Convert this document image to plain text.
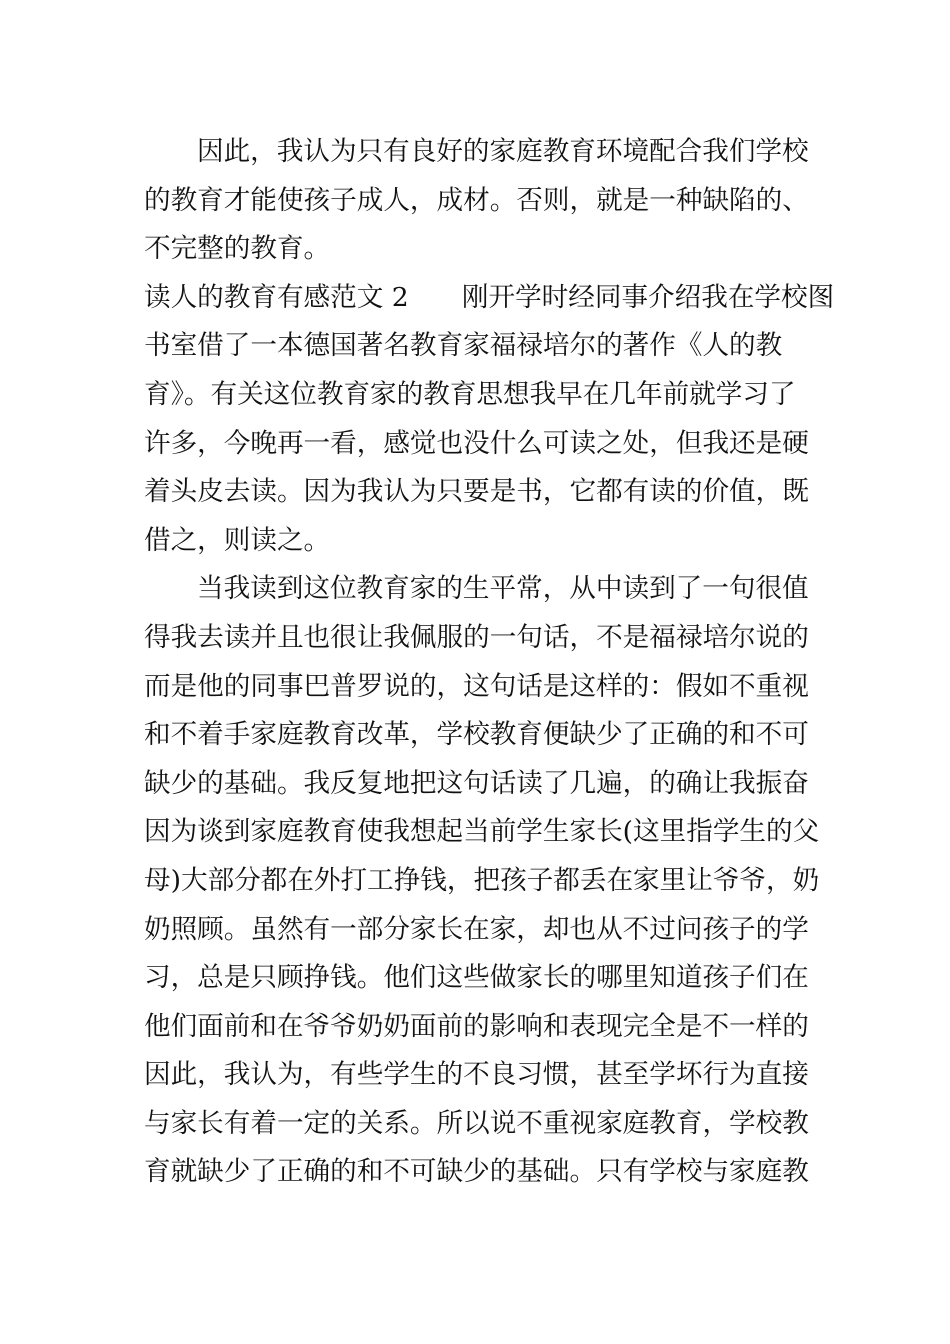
因此，我认为只有良好的家庭教育环境配合我们学校
的教育才能使孩子成人，成材。否则，就是一种缺陷的、
不完整的教育。
读人的教育有感范文 2　　刚开学时经同事介绍我在学校图
书室借了一本德国著名教育家福禄培尔的著作《人的教
育》。有关这位教育家的教育思想我早在几年前就学习了
许多，今晚再一看，感觉也没什么可读之处，但我还是硬
着头皮去读。因为我认为只要是书，它都有读的价值，既
借之，则读之。
当我读到这位教育家的生平常，从中读到了一句很值
得我去读并且也很让我佩服的一句话，不是福禄培尔说的
而是他的同事巴普罗说的，这句话是这样的：假如不重视
和不着手家庭教育改革，学校教育便缺少了正确的和不可
缺少的基础。我反复地把这句话读了几遍，的确让我振奋
因为谈到家庭教育使我想起当前学生家长(这里指学生的父
母)大部分都在外打工挣钱，把孩子都丢在家里让爷爷，奶
奶照顾。虽然有一部分家长在家，却也从不过问孩子的学
习，总是只顾挣钱。他们这些做家长的哪里知道孩子们在
他们面前和在爷爷奶奶面前的影响和表现完全是不一样的
因此，我认为，有些学生的不良习惯，甚至学坏行为直接
与家长有着一定的关系。所以说不重视家庭教育，学校教
育就缺少了正确的和不可缺少的基础。只有学校与家庭教
